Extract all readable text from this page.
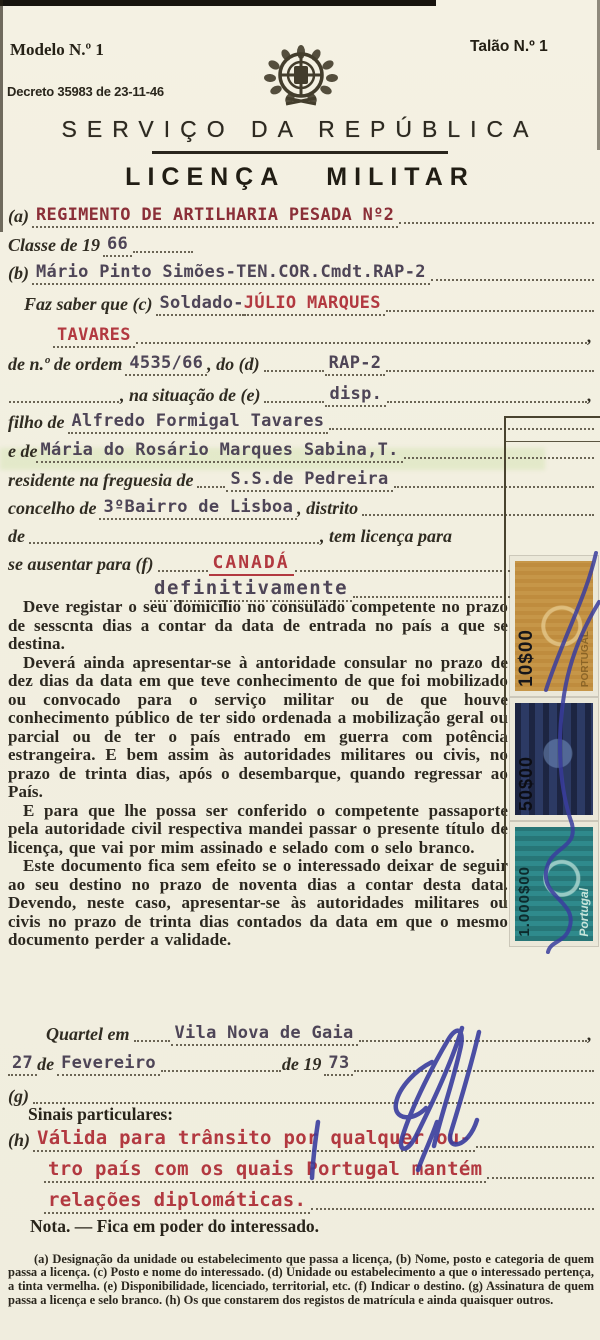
Modelo N.º 1	Talão N.º 1
Decreto 35983 de 23-11-46
SERVIÇO DA REPÚBLICA
LICENÇA MILITAR
(a) REGIMENTO DE ARTILHARIA PESADA Nº2
Classe de 19 66
(b) Mário Pinto Simões-TEN.COR.Cmdt.RAP-2
Faz saber que (c) Soldado- JÚLIO MARQUES
TAVARES	,
de n.º de ordem 4535/66 , do (d)	RAP-2
, na situação de (e)	disp.	,
filho de Alfredo Formigal Tavares
e de Mária do Rosário Marques Sabina,T.
residente na freguesia de S.S.de Pedreira
concelho de 3ºBairro de Lisboa , distrito
de	, tem licença para
se ausentar para (f)	CANADÁ
definitivamente

Deve registar o seu domicílio no consulado competente no prazo de sesscnta dias a contar da data de entrada no país a que se destina.

Deverá ainda apresentar-se à antoridade consular no prazo de dez dias da data em que teve conhecimento de que foi mobilizado ou convocado para o serviço militar ou de que houve conhecimento público de ter sido ordenada a mobilização geral ou parcial ou de ter o país entrado em guerra com potência estrangeira. E bem assim às autoridades militares ou civis, no prazo de trinta dias, após o desembarque, quando regressar ao País.

E para que lhe possa ser conferido o competente passaporte pela autoridade civil respectiva mandei passar o presente título de licença, que vai por mim assinado e selado com o selo branco.

Este documento fica sem efeito se o interessado deixar de seguir ao seu destino no prazo de noventa dias a contar desta data. Devendo, neste caso, apresentar-se às autoridades militares ou civis no prazo de trinta dias contados da data em que o mesmo documento perder a validade.

10$00	PORTUGAL
50$00
1.000$00	Portugal
Quartel em	Vila Nova de Gaia	,
27 de Fevereiro	de 19 73
(g)
Sinais particulares:
(h) Válida para trânsito por qualquer ou-
tro país com os quais Portugal mantém
relações diplomáticas.
Nota. — Fica em poder do interessado.

(a) Designação da unidade ou estabelecimento que passa a licença, (b) Nome, posto e categoria de quem passa a licença. (c) Posto e nome do interessado. (d) Unidade ou estabelecimento a que o interessado pertença, a tinta vermelha. (e) Disponibilidade, licenciado, territorial, etc. (f) Indicar o destino. (g) Assinatura de quem passa a licença e selo branco. (h) Os que constarem dos registos de matrícula e ainda quaisquer outros.
